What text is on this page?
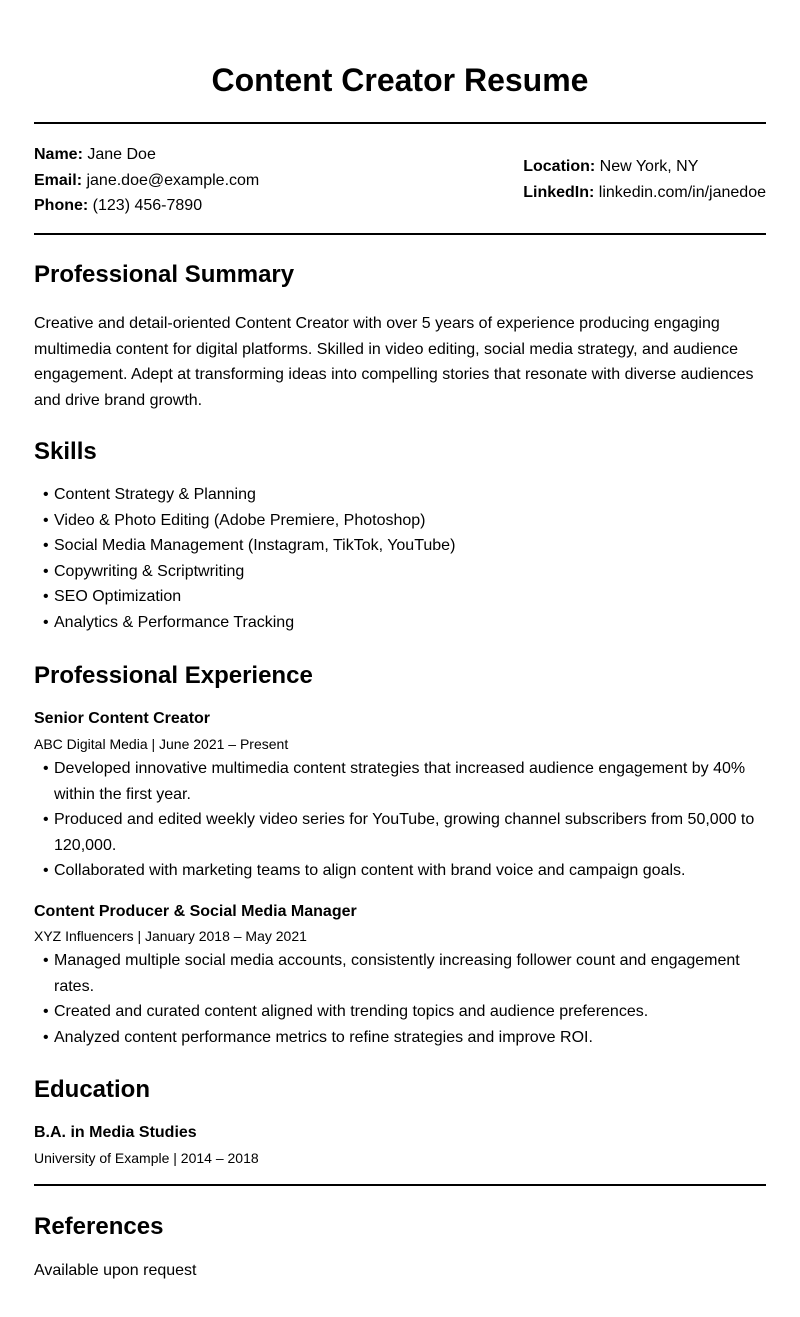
Content Creator Resume
Name: Jane Doe
Email: jane.doe@example.com
Phone: (123) 456-7890
Location: New York, NY
LinkedIn: linkedin.com/in/janedoe
Professional Summary

Creative and detail-oriented Content Creator with over 5 years of experience producing engaging multimedia content for digital platforms. Skilled in video editing, social media strategy, and audience engagement. Adept at transforming ideas into compelling stories that resonate with diverse audiences and drive brand growth.

Skills
• Content Strategy & Planning
• Video & Photo Editing (Adobe Premiere, Photoshop)
• Social Media Management (Instagram, TikTok, YouTube)
• Copywriting & Scriptwriting
• SEO Optimization
• Analytics & Performance Tracking
Professional Experience
Senior Content Creator
ABC Digital Media | June 2021 – Present
• Developed innovative multimedia content strategies that increased audience engagement by 40% within the first year.
• Produced and edited weekly video series for YouTube, growing channel subscribers from 50,000 to 120,000.
• Collaborated with marketing teams to align content with brand voice and campaign goals.
Content Producer & Social Media Manager
XYZ Influencers | January 2018 – May 2021
• Managed multiple social media accounts, consistently increasing follower count and engagement rates.
• Created and curated content aligned with trending topics and audience preferences.
• Analyzed content performance metrics to refine strategies and improve ROI.
Education
B.A. in Media Studies
University of Example | 2014 – 2018
References

Available upon request
